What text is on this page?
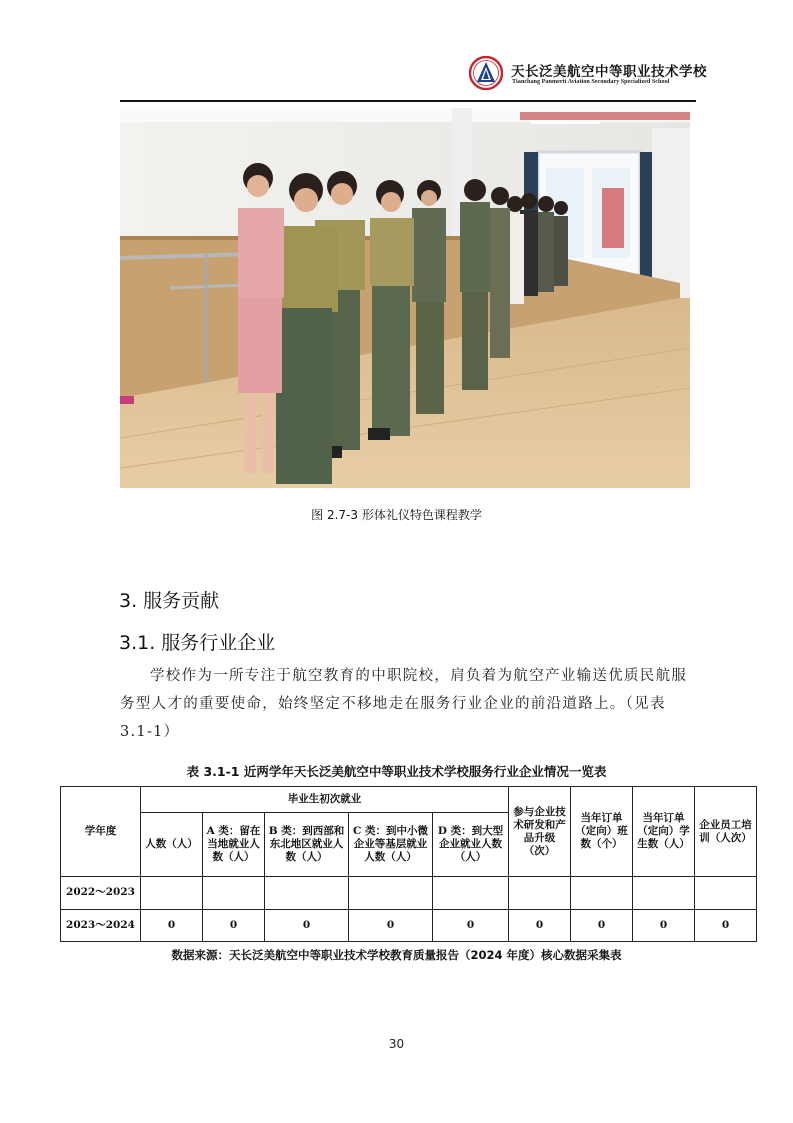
天长泛美航空中等职业技术学校
Tianchang Panmerit Aviation Secondary Specialized School
图 2.7-3 形体礼仪特色课程教学
3. 服务贡献
3.1. 服务行业企业

学校作为一所专注于航空教育的中职院校，肩负着为航空产业输送优质民航服

务型人才的重要使命，始终坚定不移地走在服务行业企业的前沿道路上。（见表

3.1-1）

表 3.1-1 近两学年天长泛美航空中等职业技术学校服务行业企业情况一览表
学年度	毕业生初次就业					参与企业技术研发和产品升级（次）	当年订单（定向）班数（个）	当年订单（定向）学生数（人）	企业员工培训（人次）
	人数（人）	A 类：留在当地就业人数（人）	B 类：到西部和东北地区就业人数（人）	C 类：到中小微企业等基层就业人数（人）	D 类：到大型企业就业人数（人）				
2022～2023									
2023～2024	0	0	0	0	0	0	0	0	0
数据来源：天长泛美航空中等职业技术学校教育质量报告（2024 年度）核心数据采集表
30
